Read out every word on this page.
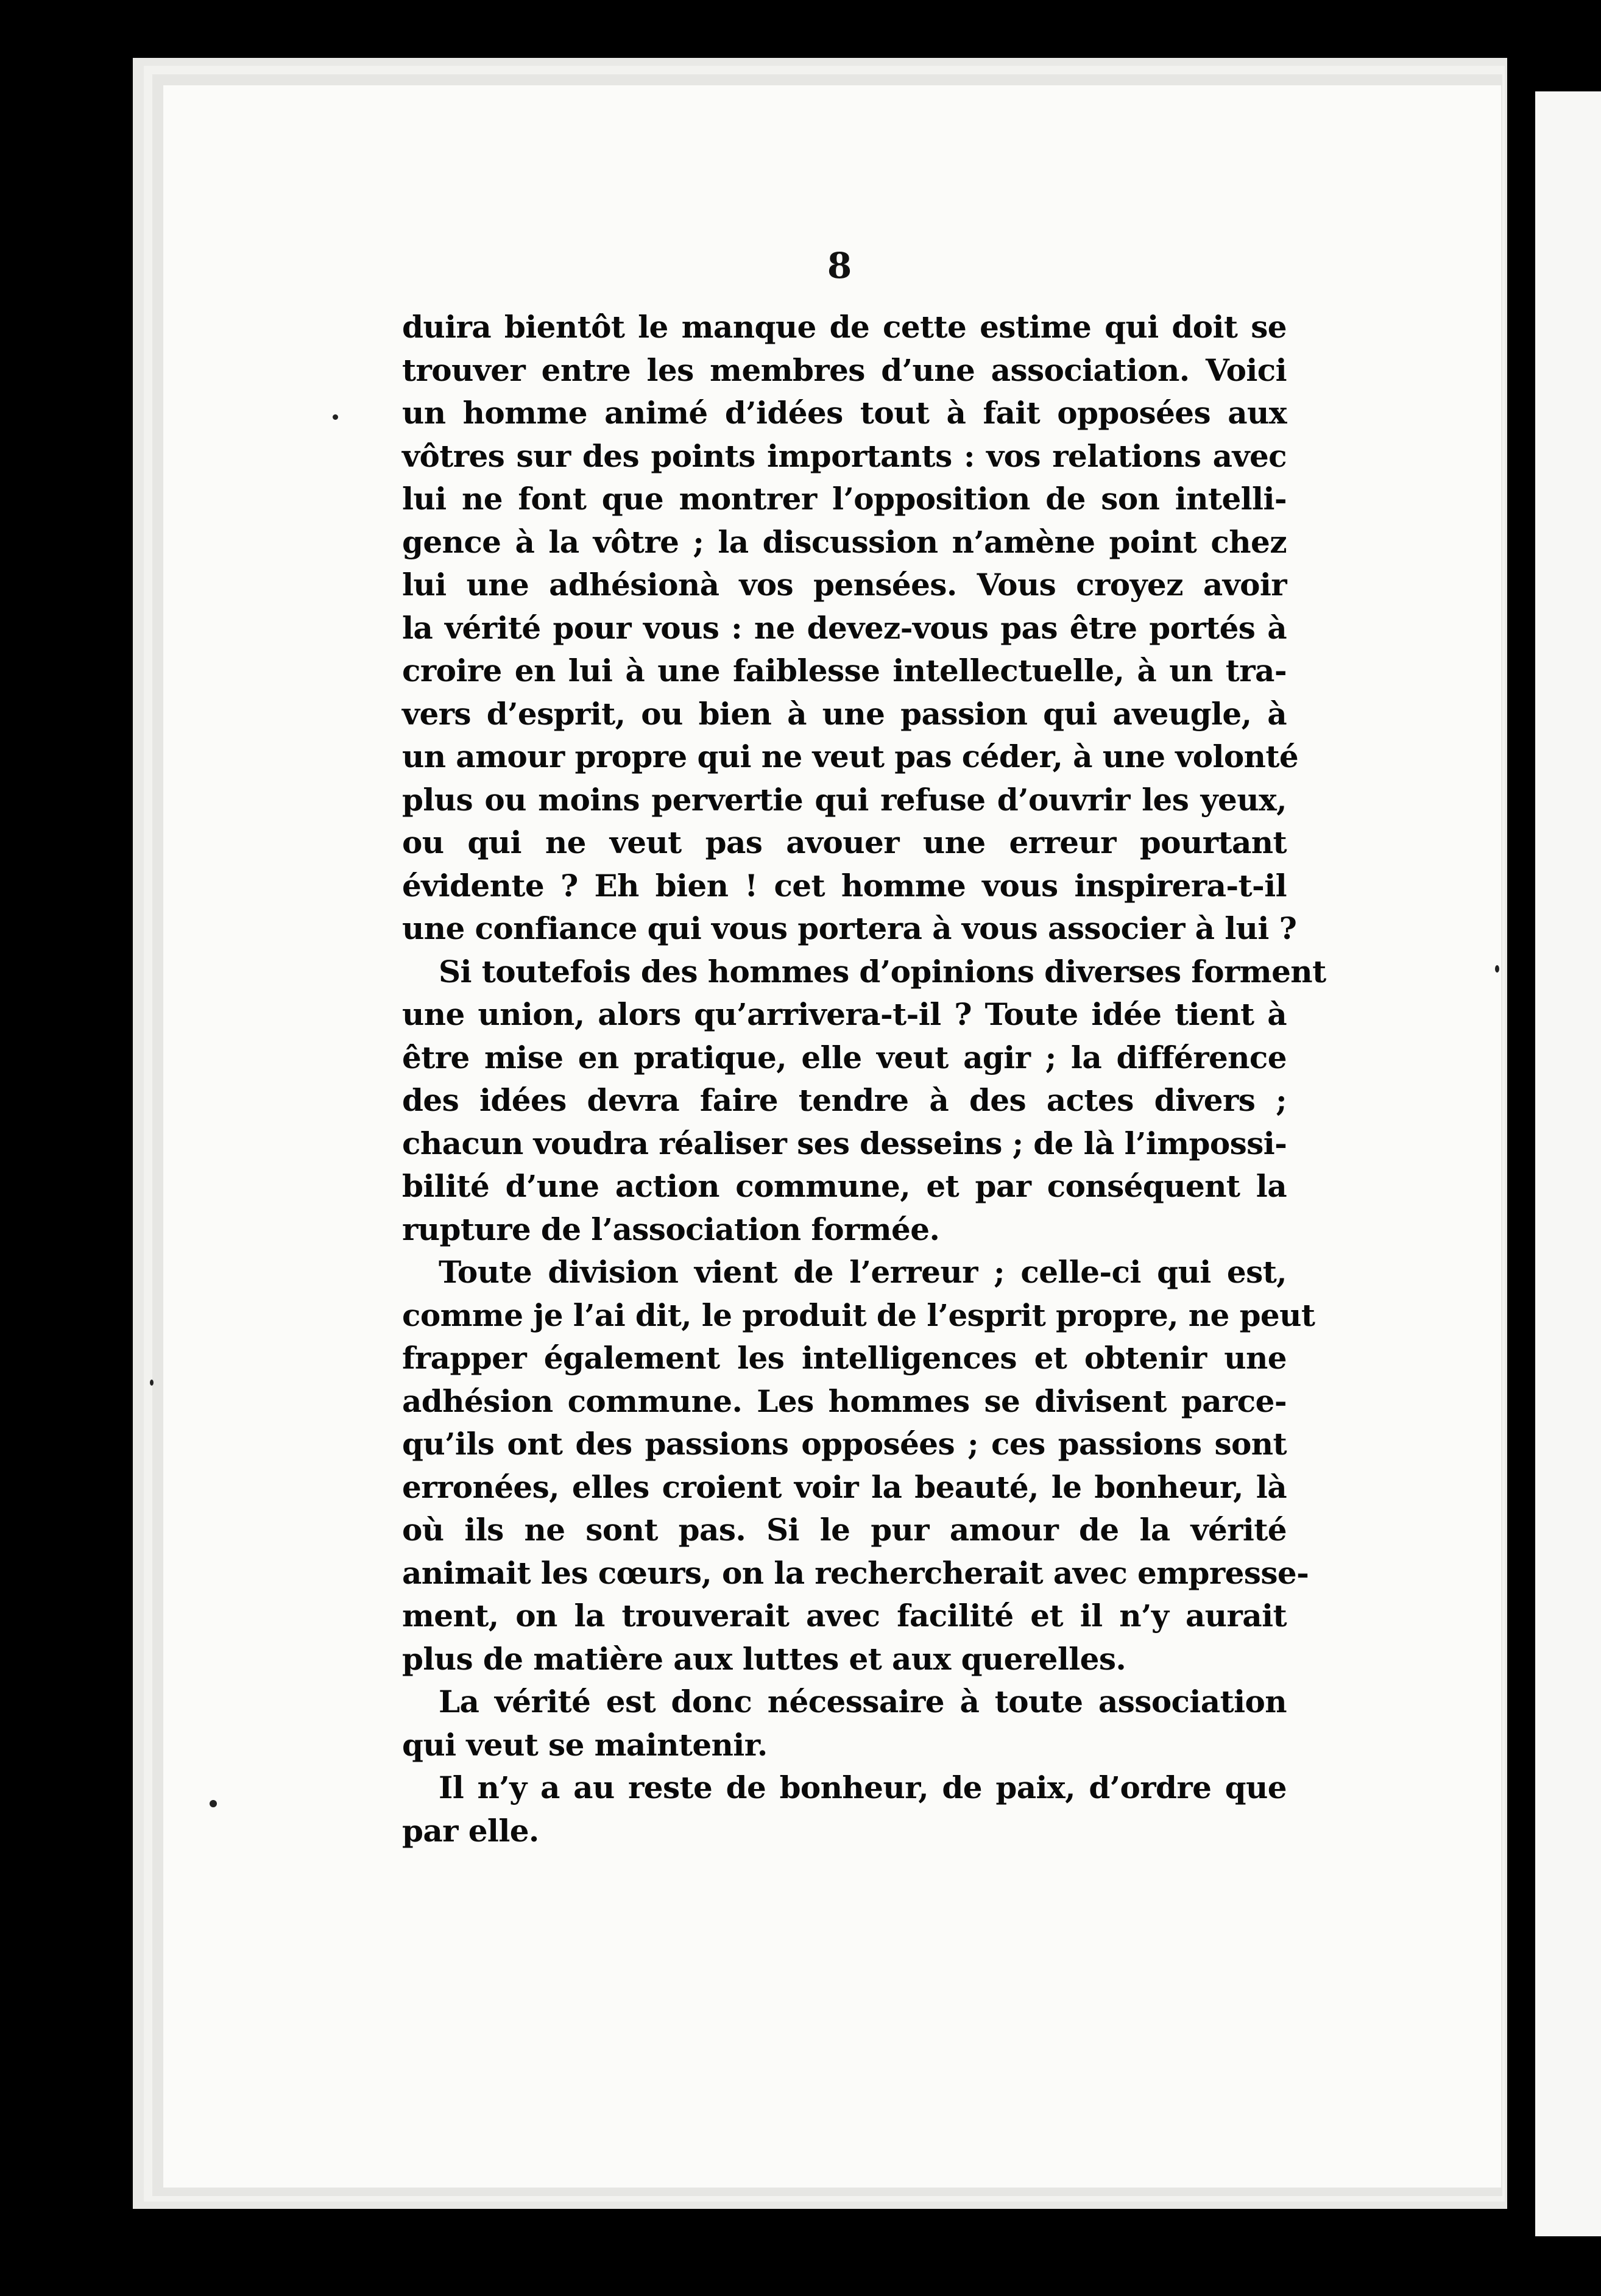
8
duira bientôt le manque de cette estime qui doit se
trouver entre les membres d’une association. Voici
un homme animé d’idées tout à fait opposées aux
vôtres sur des points importants : vos relations avec
lui ne font que montrer l’opposition de son intelli-
gence à la vôtre ; la discussion n’amène point chez
lui une adhésionà vos pensées. Vous croyez avoir
la vérité pour vous : ne devez-vous pas être portés à
croire en lui à une faiblesse intellectuelle, à un tra-
vers d’esprit, ou bien à une passion qui aveugle, à
un amour propre qui ne veut pas céder, à une volonté
plus ou moins pervertie qui refuse d’ouvrir les yeux,
ou qui ne veut pas avouer une erreur pourtant
évidente ? Eh bien ! cet homme vous inspirera-t-il
une confiance qui vous portera à vous associer à lui ?
Si toutefois des hommes d’opinions diverses forment
une union, alors qu’arrivera-t-il ? Toute idée tient à
être mise en pratique, elle veut agir ; la différence
des idées devra faire tendre à des actes divers ;
chacun voudra réaliser ses desseins ; de là l’impossi-
bilité d’une action commune, et par conséquent la
rupture de l’association formée.
Toute division vient de l’erreur ; celle-ci qui est,
comme je l’ai dit, le produit de l’esprit propre, ne peut
frapper également les intelligences et obtenir une
adhésion commune. Les hommes se divisent parce-
qu’ils ont des passions opposées ; ces passions sont
erronées, elles croient voir la beauté, le bonheur, là
où ils ne sont pas. Si le pur amour de la vérité
animait les cœurs, on la rechercherait avec empresse-
ment, on la trouverait avec facilité et il n’y aurait
plus de matière aux luttes et aux querelles.
La vérité est donc nécessaire à toute association
qui veut se maintenir.
Il n’y a au reste de bonheur, de paix, d’ordre que
par elle.
